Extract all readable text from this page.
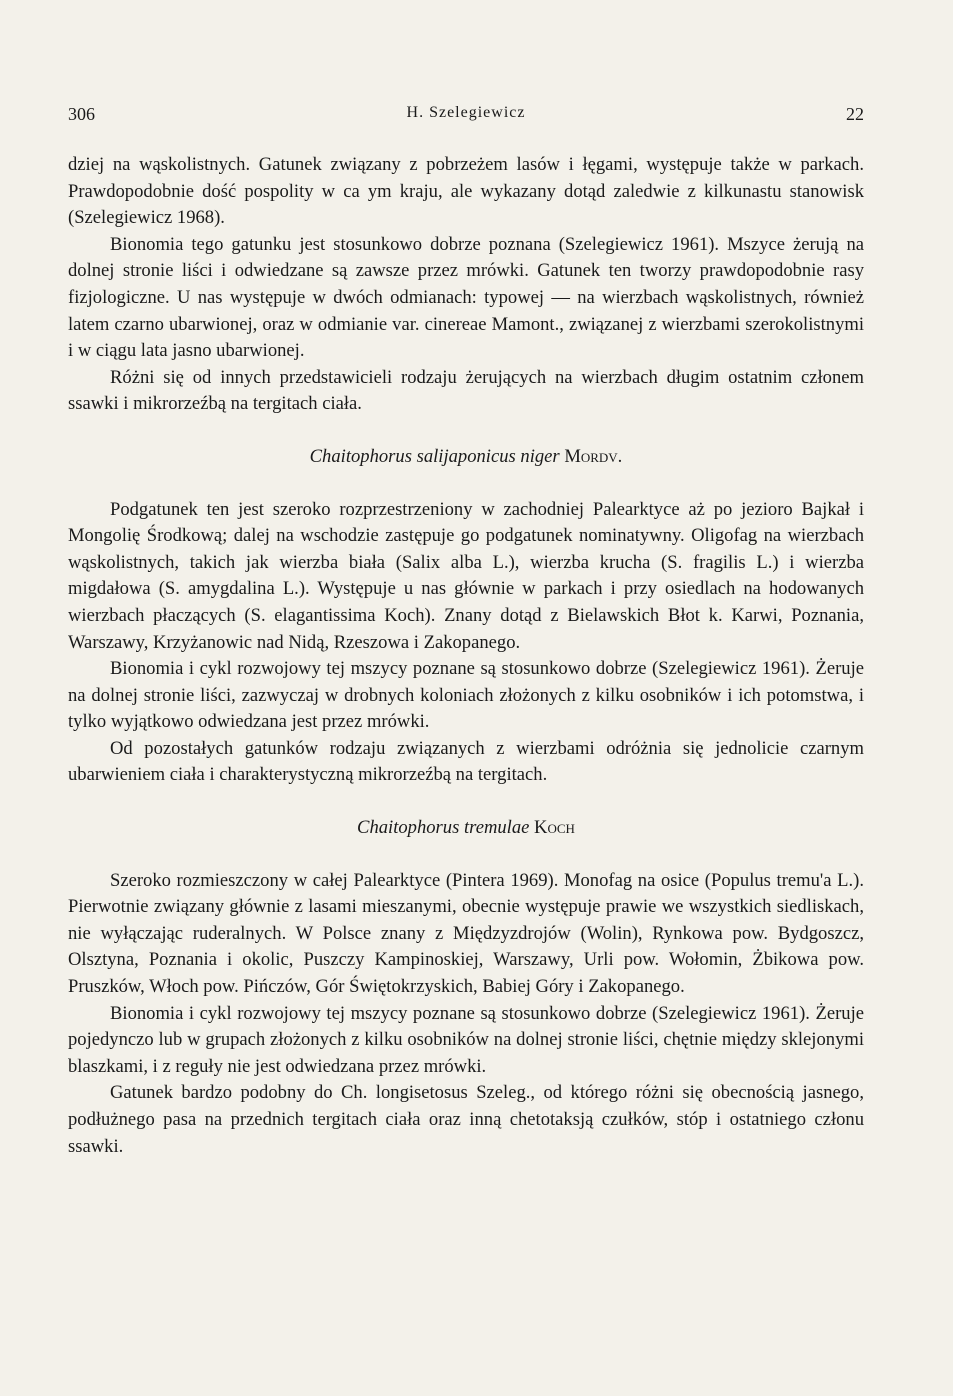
306	H. Szelegiewicz	22

dziej na wąskolistnych. Gatunek związany z pobrzeżem lasów i łęgami, występuje także w parkach. Prawdopodobnie dość pospolity w ca ym kraju, ale wykazany dotąd zaledwie z kilkunastu stanowisk (Szelegiewicz 1968).

Bionomia tego gatunku jest stosunkowo dobrze poznana (Szelegiewicz 1961). Mszyce żerują na dolnej stronie liści i odwiedzane są zawsze przez mrówki. Gatunek ten tworzy prawdopodobnie rasy fizjologiczne. U nas występuje w dwóch odmianach: typowej — na wierzbach wąskolistnych, również latem czarno ubarwionej, oraz w odmianie var. cinereae Mamont., związanej z wierzbami szerokolistnymi i w ciągu lata jasno ubarwionej.

Różni się od innych przedstawicieli rodzaju żerujących na wierzbach długim ostatnim członem ssawki i mikrorzeźbą na tergitach ciała.

Chaitophorus salijaponicus niger Mordv.

Podgatunek ten jest szeroko rozprzestrzeniony w zachodniej Palearktyce aż po jezioro Bajkał i Mongolię Środkową; dalej na wschodzie zastępuje go podgatunek nominatywny. Oligofag na wierzbach wąskolistnych, takich jak wierzba biała (Salix alba L.), wierzba krucha (S. fragilis L.) i wierzba migdałowa (S. amygdalina L.). Występuje u nas głównie w parkach i przy osiedlach na hodowanych wierzbach płaczących (S. elagantissima Koch). Znany dotąd z Bielawskich Błot k. Karwi, Poznania, Warszawy, Krzyżanowic nad Nidą, Rzeszowa i Zakopanego.

Bionomia i cykl rozwojowy tej mszycy poznane są stosunkowo dobrze (Szelegiewicz 1961). Żeruje na dolnej stronie liści, zazwyczaj w drobnych koloniach złożonych z kilku osobników i ich potomstwa, i tylko wyjątkowo odwiedzana jest przez mrówki.

Od pozostałych gatunków rodzaju związanych z wierzbami odróżnia się jednolicie czarnym ubarwieniem ciała i charakterystyczną mikrorzeźbą na tergitach.

Chaitophorus tremulae Koch

Szeroko rozmieszczony w całej Palearktyce (Pintera 1969). Monofag na osice (Populus tremu'a L.). Pierwotnie związany głównie z lasami mieszanymi, obecnie występuje prawie we wszystkich siedliskach, nie wyłączając ruderalnych. W Polsce znany z Międzyzdrojów (Wolin), Rynkowa pow. Bydgoszcz, Olsztyna, Poznania i okolic, Puszczy Kampinoskiej, Warszawy, Urli pow. Wołomin, Żbikowa pow. Pruszków, Włoch pow. Pińczów, Gór Świętokrzyskich, Babiej Góry i Zakopanego.

Bionomia i cykl rozwojowy tej mszycy poznane są stosunkowo dobrze (Szelegiewicz 1961). Żeruje pojedynczo lub w grupach złożonych z kilku osobników na dolnej stronie liści, chętnie między sklejonymi blaszkami, i z reguły nie jest odwiedzana przez mrówki.

Gatunek bardzo podobny do Ch. longisetosus Szeleg., od którego różni się obecnością jasnego, podłużnego pasa na przednich tergitach ciała oraz inną chetotaksją czułków, stóp i ostatniego członu ssawki.
